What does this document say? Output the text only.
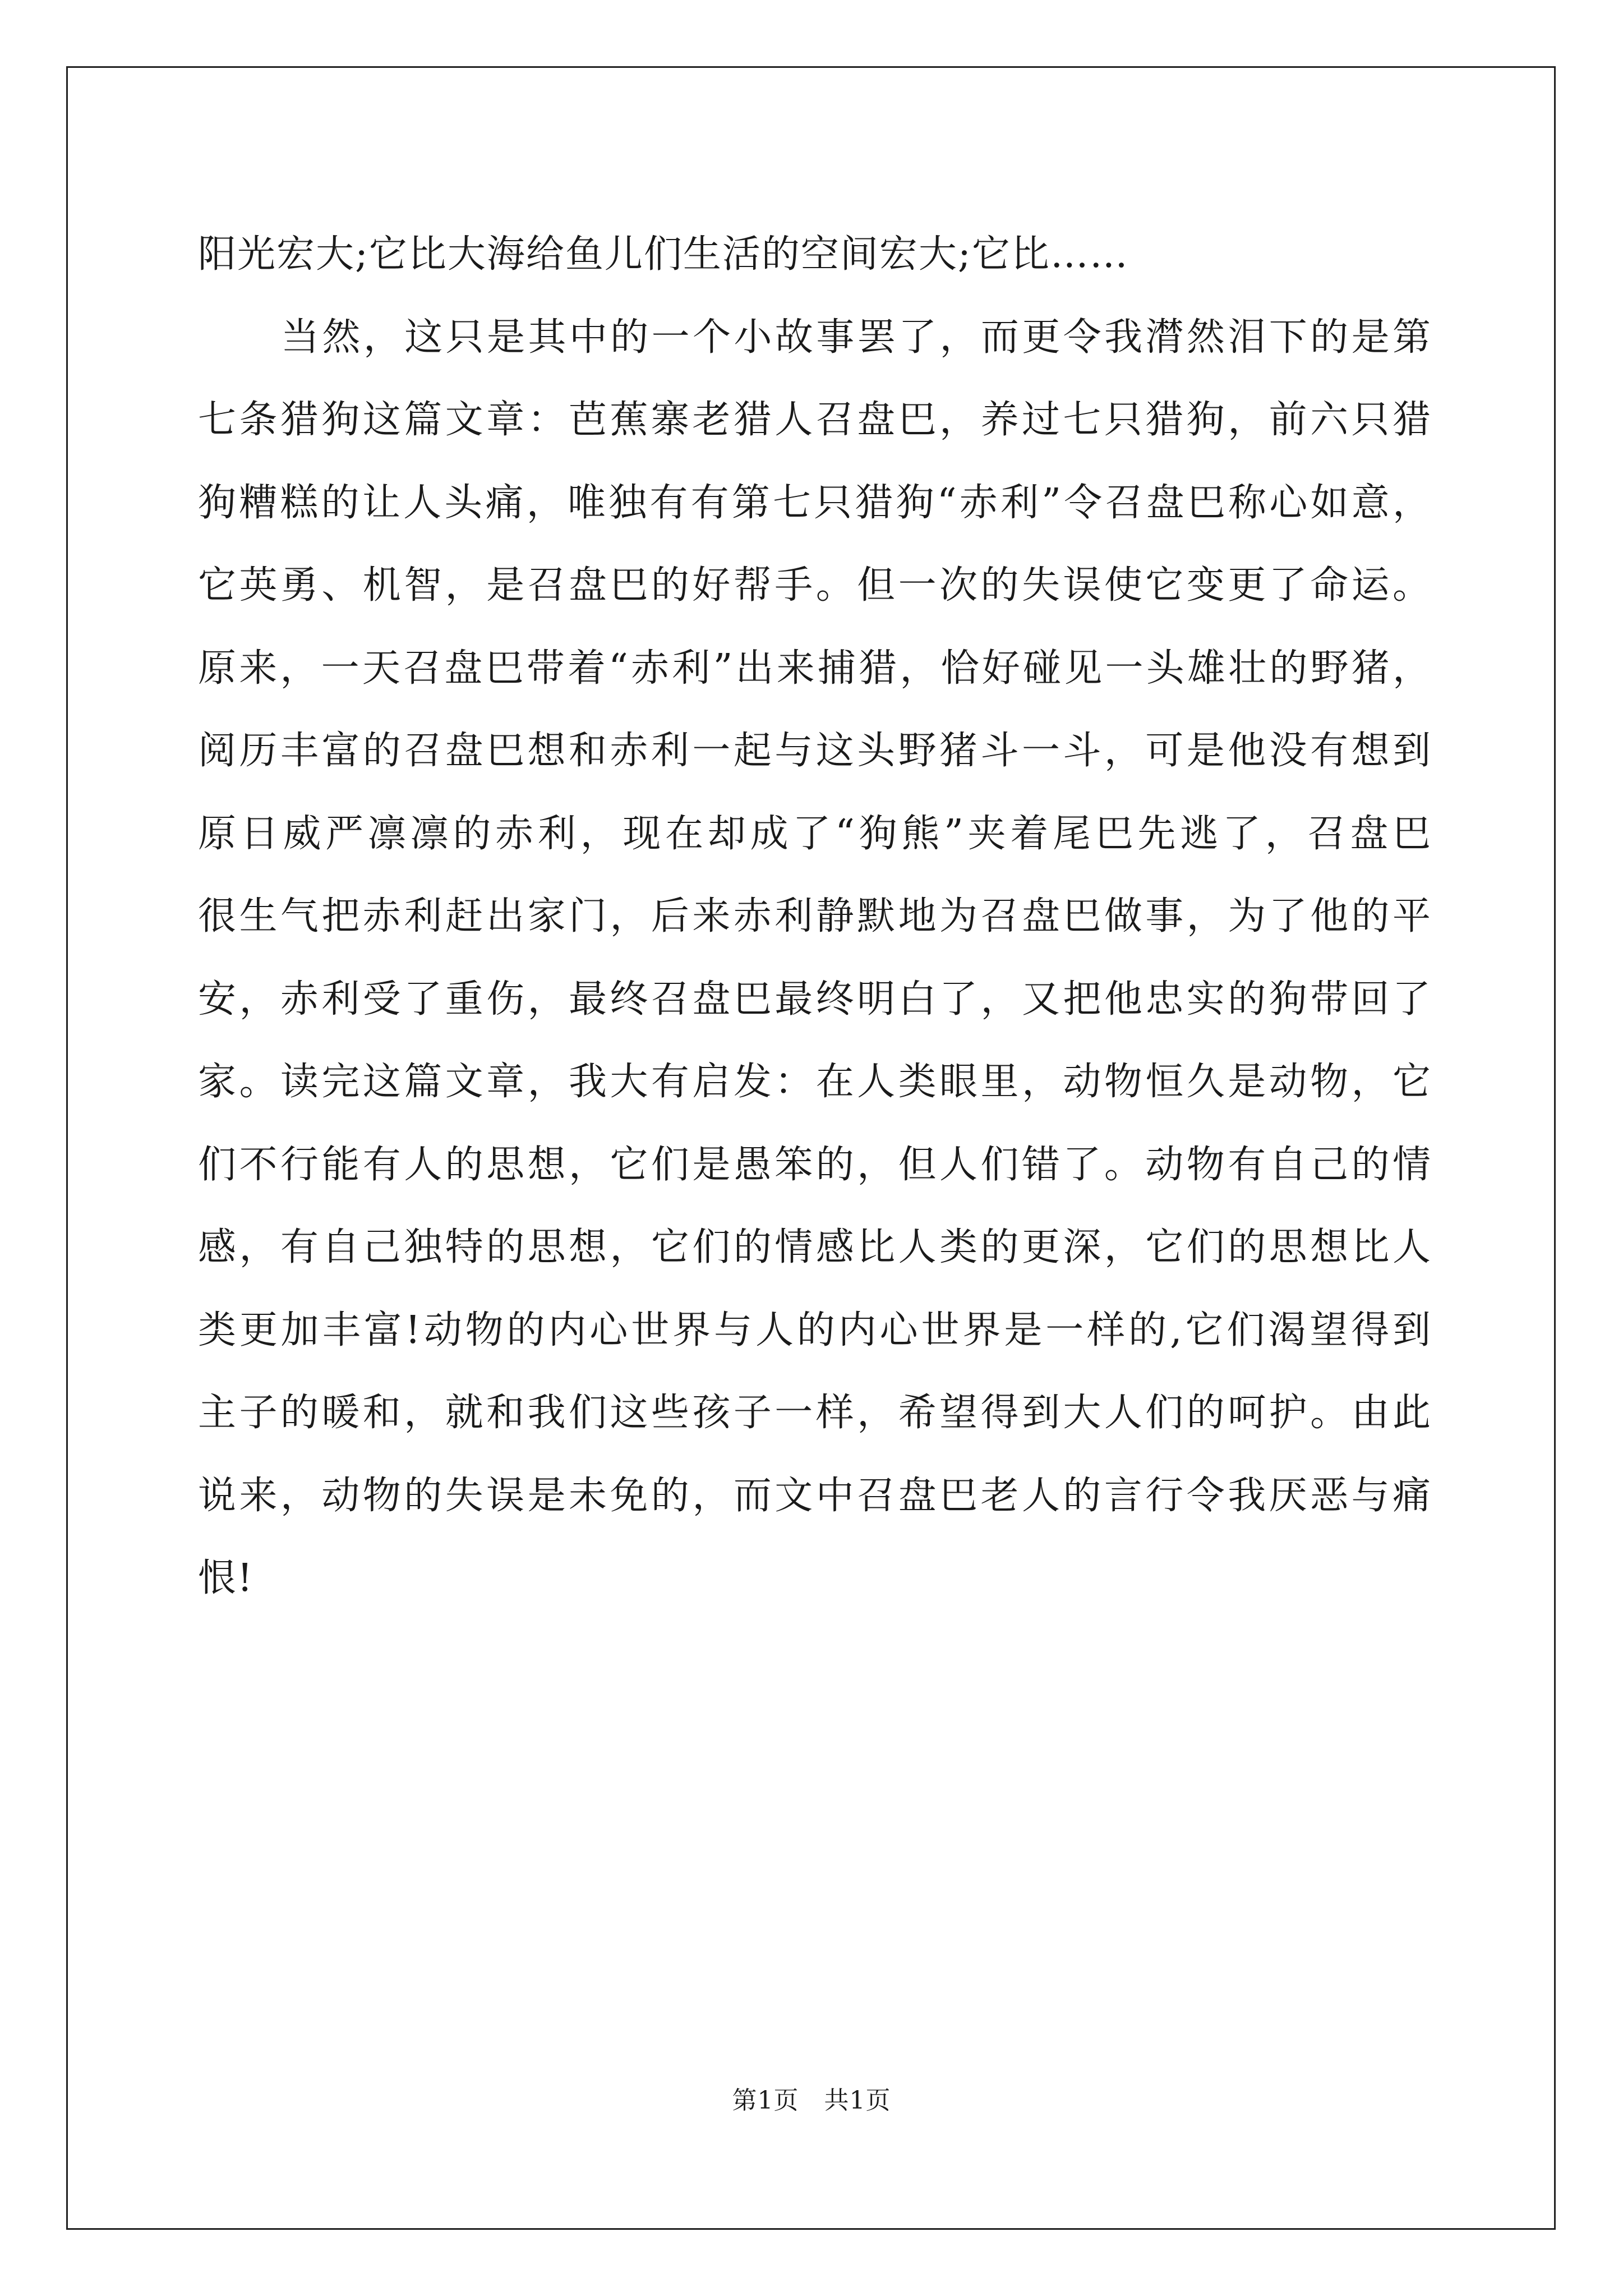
阳光宏大;它比大海给鱼儿们生活的空间宏大;它比……
当然，这只是其中的一个小故事罢了，而更令我潸然泪下的是第
七条猎狗这篇文章：芭蕉寨老猎人召盘巴，养过七只猎狗，前六只猎
狗糟糕的让人头痛，唯独有有第七只猎狗“赤利”令召盘巴称心如意，
它英勇、机智，是召盘巴的好帮手。但一次的失误使它变更了命运。
原来，一天召盘巴带着“赤利”出来捕猎，恰好碰见一头雄壮的野猪，
阅历丰富的召盘巴想和赤利一起与这头野猪斗一斗，可是他没有想到
原日威严凛凛的赤利，现在却成了“狗熊”夹着尾巴先逃了，召盘巴
很生气把赤利赶出家门，后来赤利静默地为召盘巴做事，为了他的平
安，赤利受了重伤，最终召盘巴最终明白了，又把他忠实的狗带回了
家。读完这篇文章，我大有启发：在人类眼里，动物恒久是动物，它
们不行能有人的思想，它们是愚笨的，但人们错了。动物有自己的情
感，有自己独特的思想，它们的情感比人类的更深，它们的思想比人
类更加丰富!动物的内心世界与人的内心世界是一样的,它们渴望得到
主子的暖和，就和我们这些孩子一样，希望得到大人们的呵护。由此
说来，动物的失误是未免的，而文中召盘巴老人的言行令我厌恶与痛
恨!
第1页　共1页
